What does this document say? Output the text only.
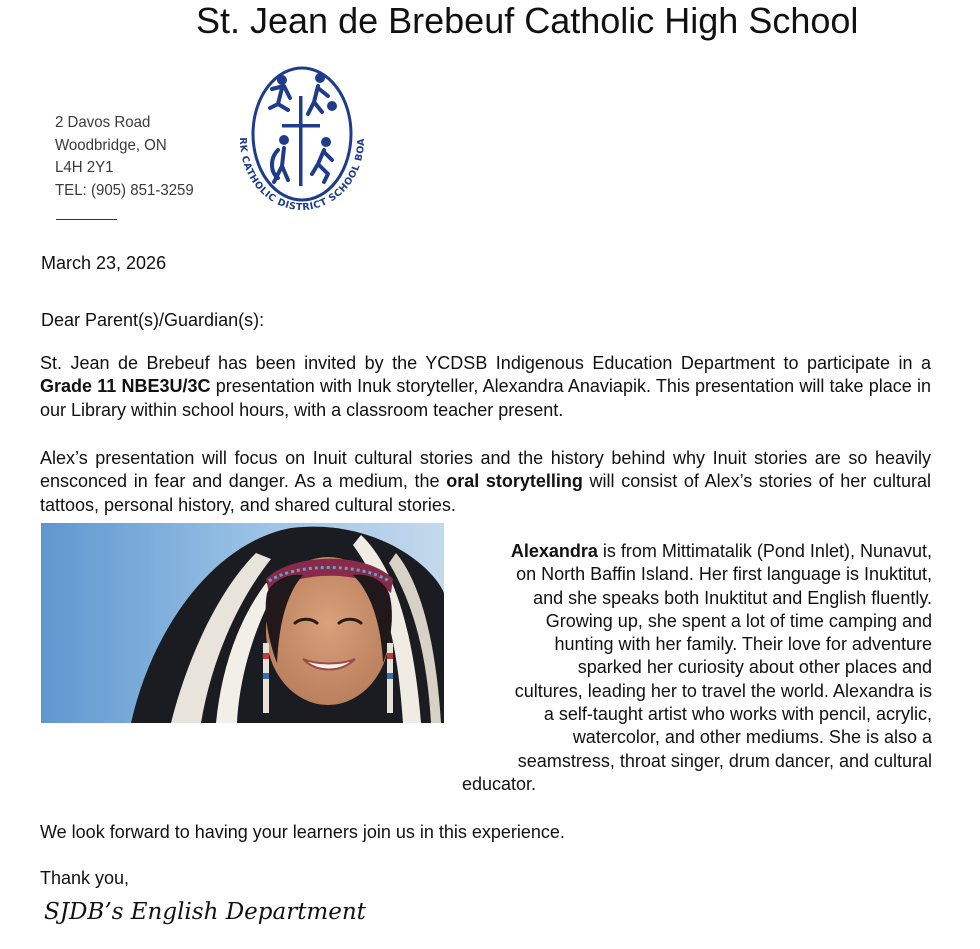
St. Jean de Brebeuf Catholic High School
2 Davos Road
Woodbridge, ON
L4H 2Y1
TEL: (905) 851-3259
RK CATHOLIC DISTRICT SCHOOL BOA
March 23, 2026
Dear Parent(s)/Guardian(s):
St. Jean de Brebeuf has been invited by the YCDSB Indigenous Education Department to participate in a Grade 11 NBE3U/3C presentation with Inuk storyteller, Alexandra Anaviapik. This presentation will take place in our Library within school hours, with a classroom teacher present.
Alex’s presentation will focus on Inuit cultural stories and the history behind why Inuit stories are so heavily ensconced in fear and danger. As a medium, the oral storytelling will consist of Alex’s stories of her cultural tattoos, personal history, and shared cultural stories.
Alexandra is from Mittimatalik (Pond Inlet), Nunavut,
on North Baffin Island. Her first language is Inuktitut,
and she speaks both Inuktitut and English fluently.
Growing up, she spent a lot of time camping and
hunting with her family. Their love for adventure
sparked her curiosity about other places and
cultures, leading her to travel the world. Alexandra is
a self-taught artist who works with pencil, acrylic,
watercolor, and other mediums. She is also a
seamstress, throat singer, drum dancer, and cultural
educator.
We look forward to having your learners join us in this experience.
Thank you,
SJDB’s English Department
